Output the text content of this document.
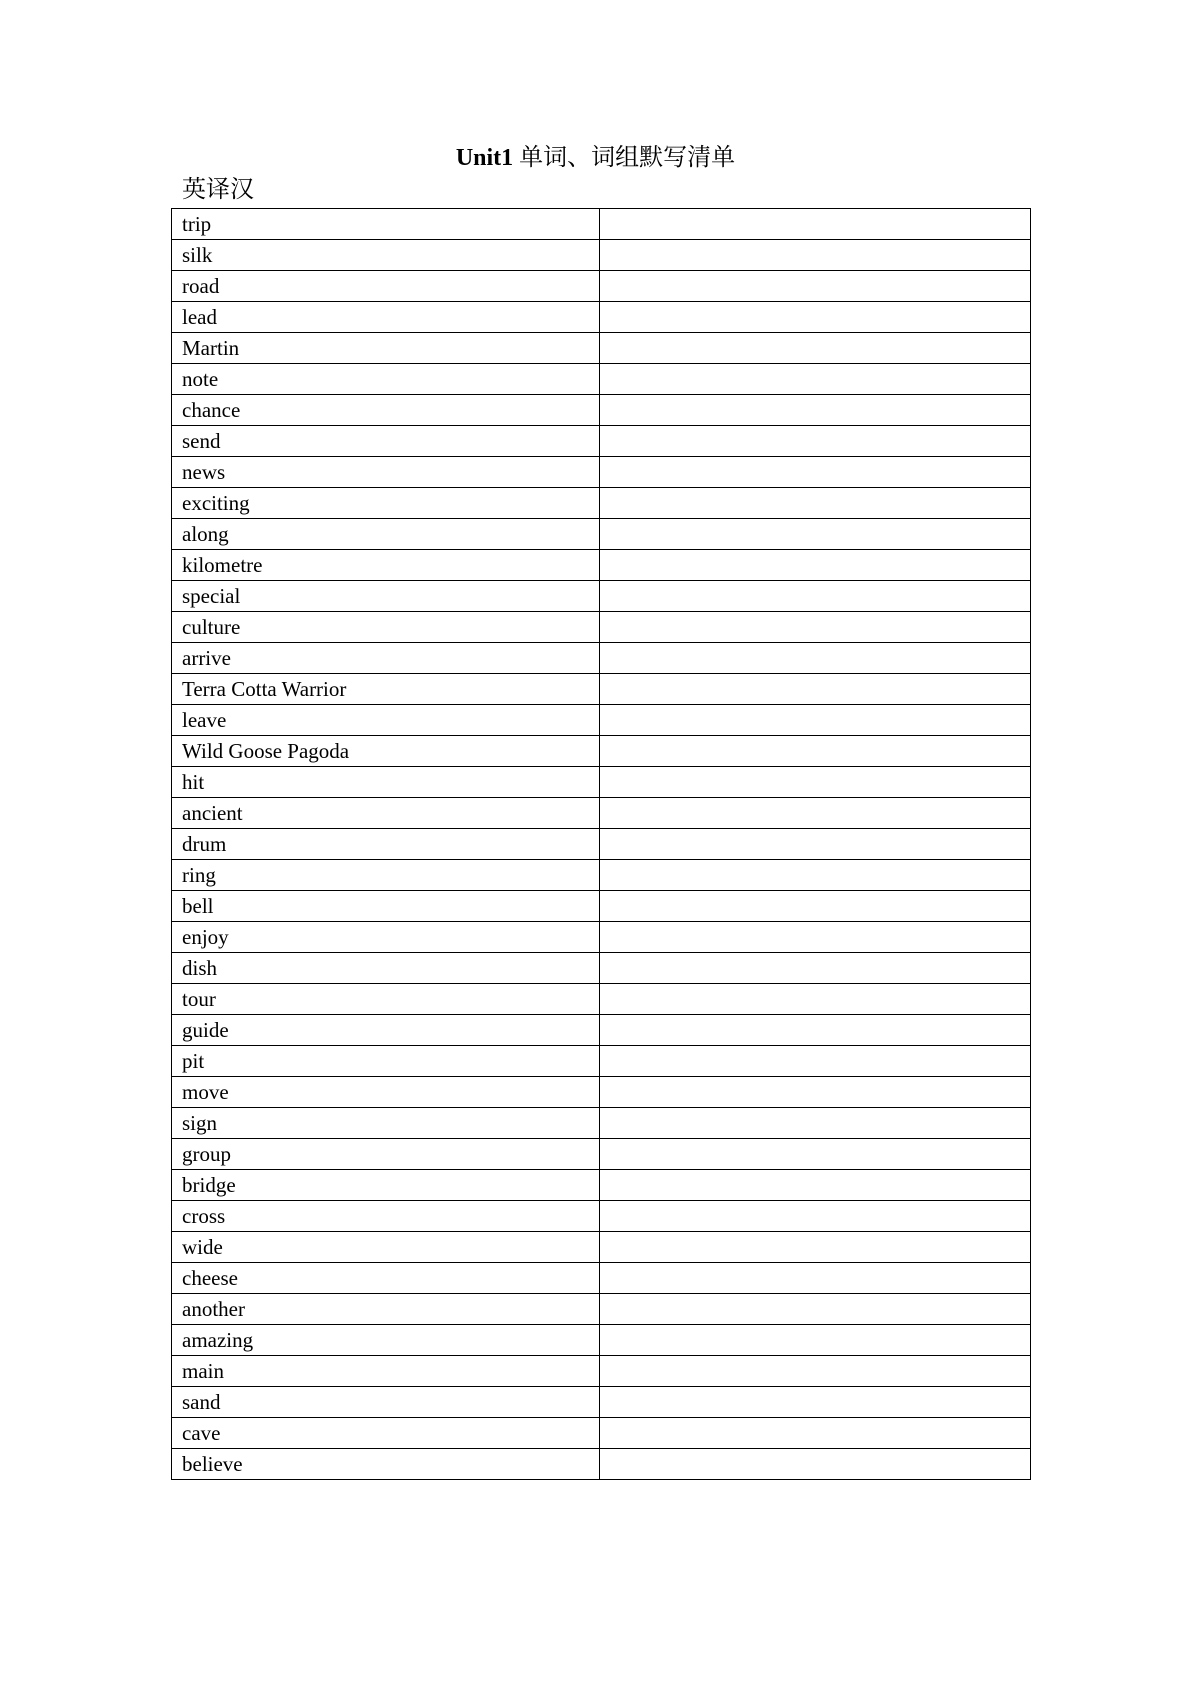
Unit1 单词、词组默写清单
英译汉
trip	
silk	
road	
lead	
Martin	
note	
chance	
send	
news	
exciting	
along	
kilometre	
special	
culture	
arrive	
Terra Cotta Warrior	
leave	
Wild Goose Pagoda	
hit	
ancient	
drum	
ring	
bell	
enjoy	
dish	
tour	
guide	
pit	
move	
sign	
group	
bridge	
cross	
wide	
cheese	
another	
amazing	
main	
sand	
cave	
believe	
